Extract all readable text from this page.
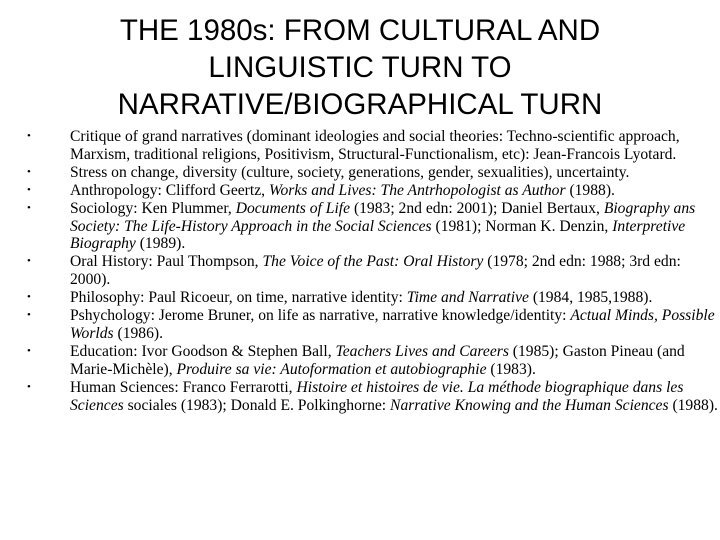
THE 1980s: FROM CULTURAL AND
LINGUISTIC TURN TO
NARRATIVE/BIOGRAPHICAL TURN
•	Critique of grand narratives (dominant ideologies and social theories: Techno-scientific approach, Marxism, traditional religions, Positivism, Structural-Functionalism, etc): Jean-Francois Lyotard.
•	Stress on change, diversity (culture, society, generations, gender, sexualities), uncertainty.
•	Anthropology: Clifford Geertz, Works and Lives: The Antrhopologist as Author (1988).
•	Sociology: Ken Plummer, Documents of Life (1983; 2nd edn: 2001); Daniel Bertaux, Biography ans Society: The Life-History Approach in the Social Sciences (1981); Norman K. Denzin, Interpretive Biography (1989).
•	Oral History: Paul Thompson, The Voice of the Past: Oral History (1978; 2nd edn: 1988; 3rd edn: 2000).
•	Philosophy: Paul Ricoeur, on time, narrative identity: Time and Narrative (1984, 1985,1988).
•	Pshychology: Jerome Bruner, on life as narrative, narrative knowledge/identity: Actual Minds, Possible Worlds (1986).
•	Education: Ivor Goodson & Stephen Ball, Teachers Lives and Careers (1985); Gaston Pineau (and Marie-Michèle), Produire sa vie: Autoformation et autobiographie (1983).
•	Human Sciences: Franco Ferrarotti, Histoire et histoires de vie. La méthode biographique dans les Sciences sociales (1983); Donald E. Polkinghorne: Narrative Knowing and the Human Sciences (1988).
